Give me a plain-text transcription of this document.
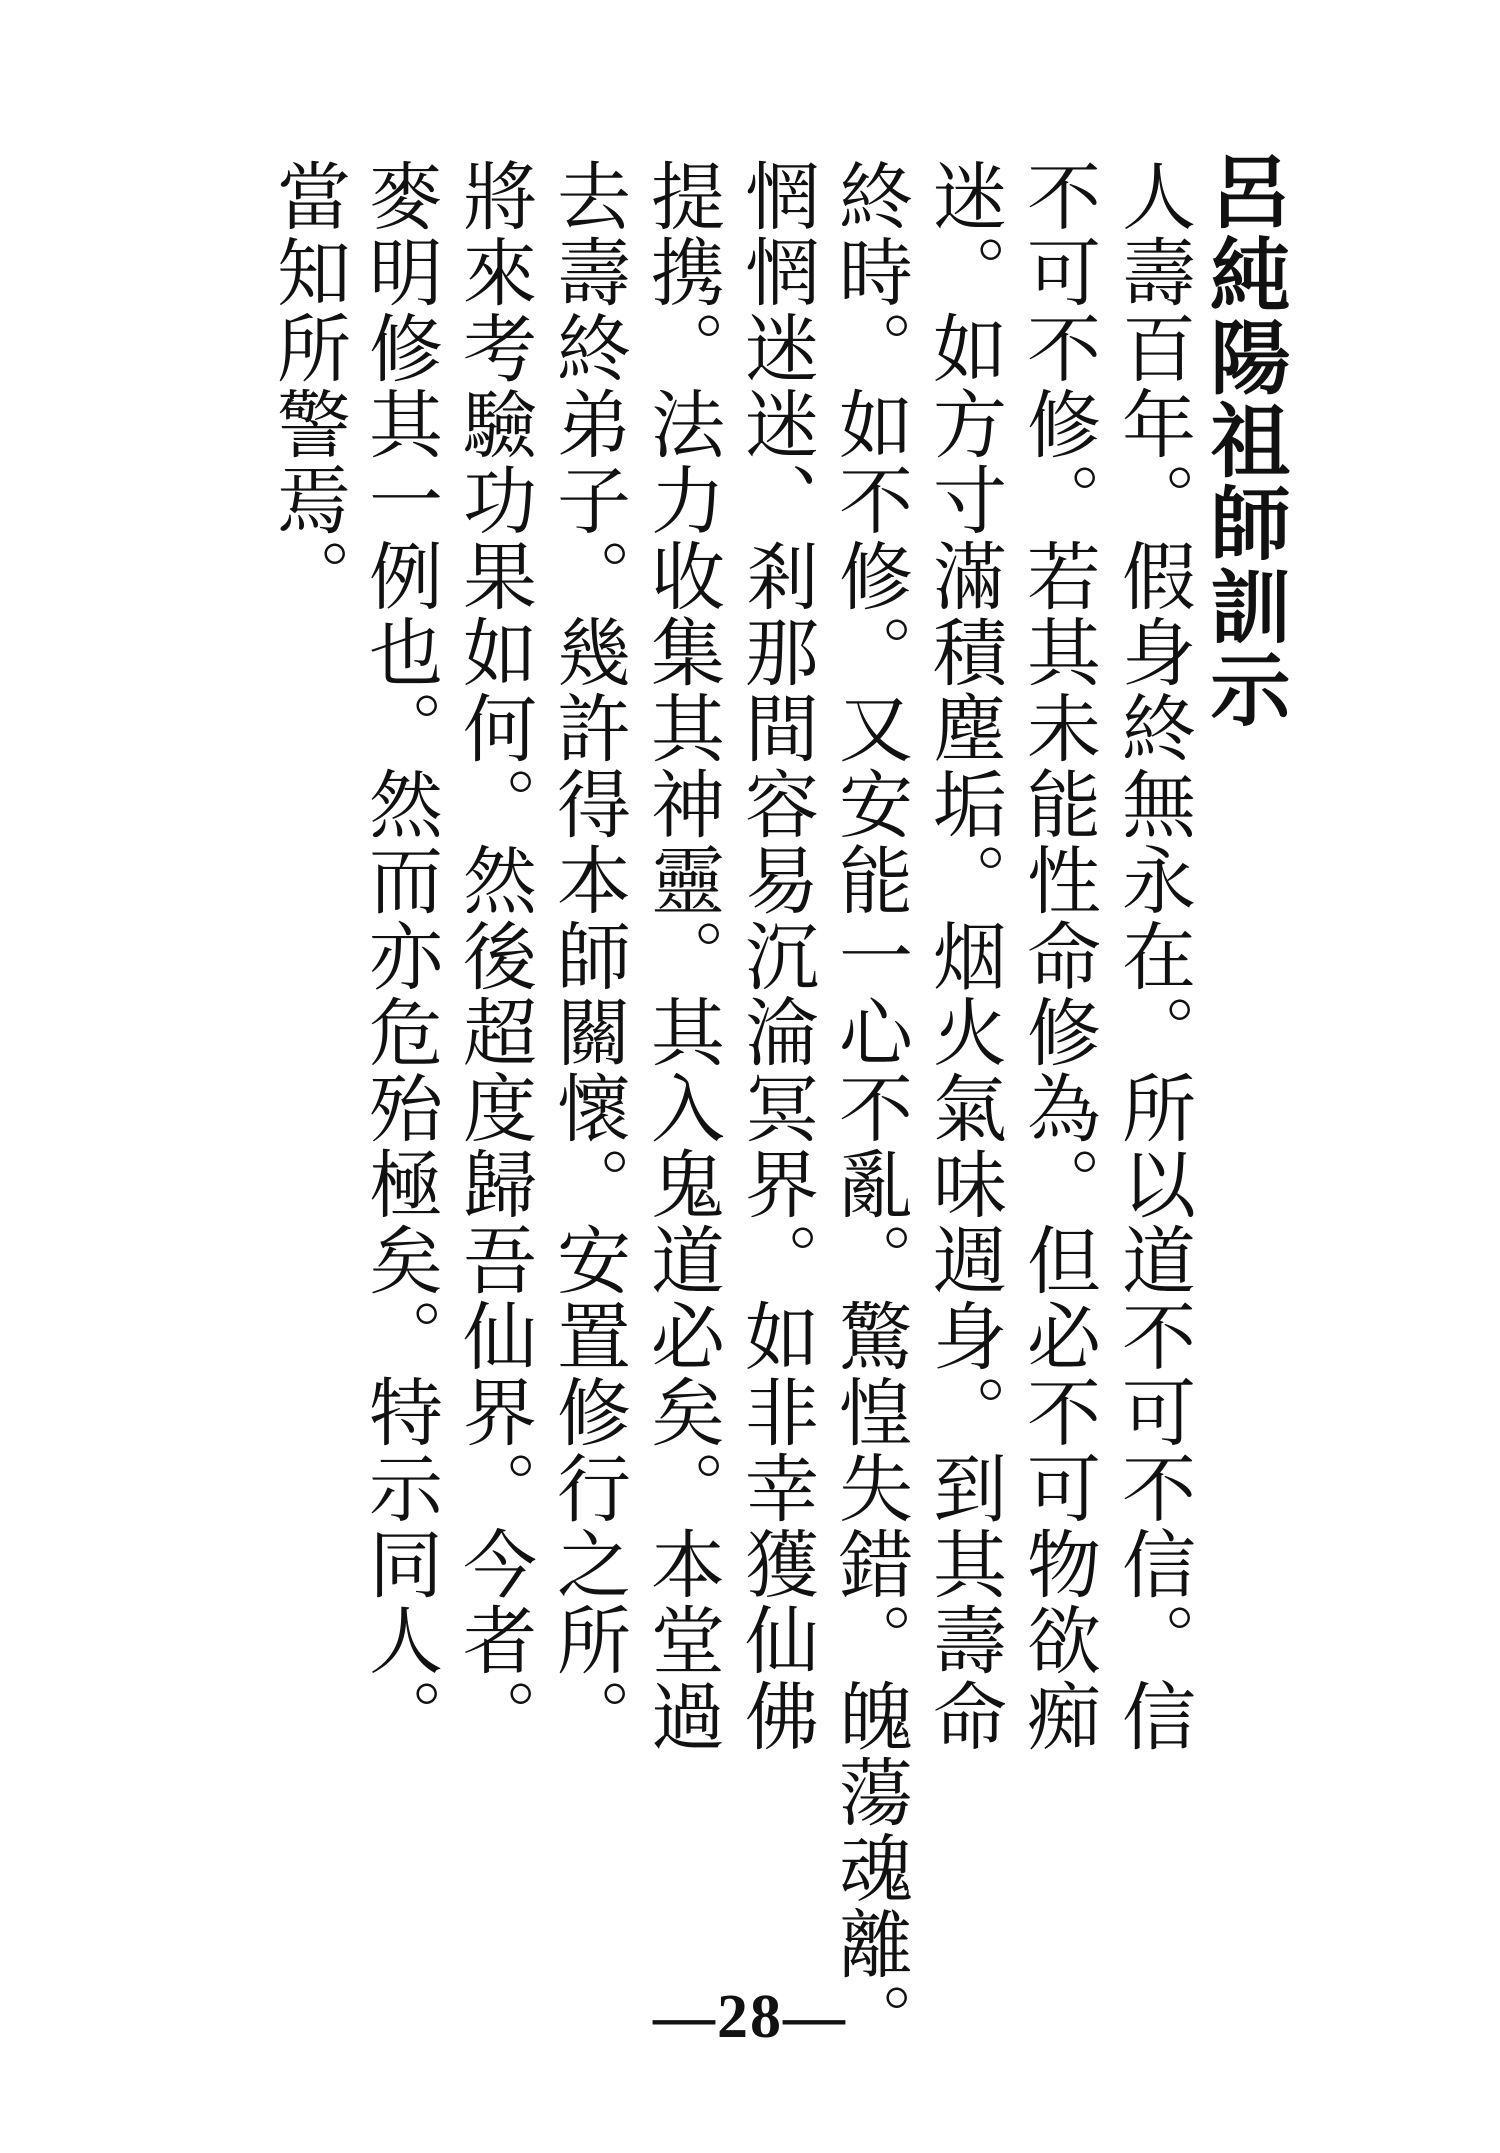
呂純陽祖師訓示
人壽百年。假身終無永在。所以道不可不信。信
不可不修。若其未能性命修為。但必不可物欲痴
迷。如方寸滿積塵垢。烟火氣味週身。到其壽命
終時。如不修。又安能一心不亂。驚惶失錯。魄蕩魂離。
惘惘迷迷、剎那間容易沉淪冥界。如非幸獲仙佛
提携。法力收集其神靈。其入鬼道必矣。本堂過
去壽終弟子。幾許得本師關懷。安置修行之所。
將來考驗功果如何。然後超度歸吾仙界。今者。
麥明修其一例也。然而亦危殆極矣。特示同人。
當知所警焉。
—28—
